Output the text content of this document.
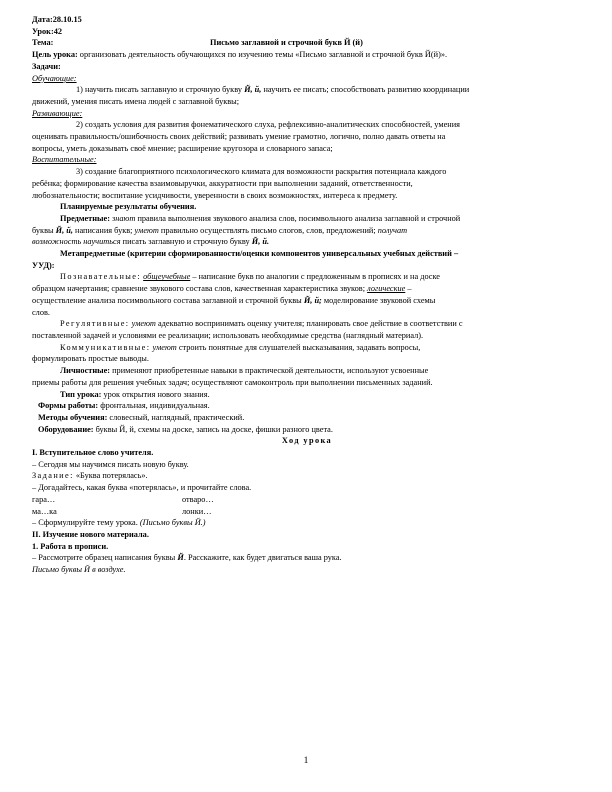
Дата:28.10.15
Урок:42
Тема:	Письмо заглавной и строчной букв Й (й)
Цель урока: организовать деятельность обучающихся по изучению темы «Письмо заглавной и строчной букв Й(й)».
Задачи:
Обучающие:
1) научить писать заглавную и строчную букву Й, й, научить ее писать; способствовать развитию координации
движений, умения писать имена людей с заглавной буквы;
Развивающие:
2) создать условия для развития фонематического слуха, рефлексивно-аналитических способностей, умения
оценивать правильность/ошибочность своих действий; развивать умение грамотно, логично, полно давать ответы на
вопросы, уметь доказывать своё мнение; расширение кругозора и словарного запаса;
Воспитательные:
3) создание благоприятного психологического климата для возможности раскрытия потенциала каждого
ребёнка; формирование качества взаимовыручки, аккуратности при выполнении заданий, ответственности,
любознательности; воспитание усидчивости, уверенности в своих возможностях, интереса к предмету.
Планируемые результаты обучения.
Предметные: знают правила выполнения звукового анализа слов, посимвольного анализа заглавной и строчной
буквы Й, й, написания букв; умеют правильно осуществлять письмо слогов, слов, предложений; получат
возможность научиться писать заглавную и строчную букву Й, й.
Метапредметные (критерии сформированности/оценки компонентов универсальных учебных действий –
УУД):
Познавательные: общеучебные – написание букв по аналогии с предложенным в прописях и на доске
образцом начертания; сравнение звукового состава слов, качественная характеристика звуков; логические –
осуществление анализа посимвольного состава заглавной и строчной буквы Й, й; моделирование звуковой схемы
слов.
Регулятивные: умеют адекватно воспринимать оценку учителя; планировать свое действие в соответствии с
поставленной задачей и условиями ее реализации; использовать необходимые средства (наглядный материал).
Коммуникативные: умеют строить понятные для слушателей высказывания, задавать вопросы,
формулировать простые выводы.
Личностные: применяют приобретенные навыки в практической деятельности, используют усвоенные
приемы работы для решения учебных задач; осуществляют самоконтроль при выполнении письменных заданий.
Тип урока: урок открытия нового знания.
Формы работы: фронтальная, индивидуальная.
Методы обучения: словесный, наглядный, практический.
Оборудование: буквы Й, й, схемы на доске, запись на доске, фишки разного цвета.
Ход урока
I. Вступительное слово учителя.
– Сегодня мы научимся писать новую букву.
Задание: «Буква потерялась».
– Догадайтесь, какая буква «потерялась», и прочитайте слова.
гара…	отваро…
ма…ка	лонки…
– Сформулируйте тему урока. (Письмо буквы Й.)
II. Изучение нового материала.
1. Работа в прописи.
– Рассмотрите образец написания буквы Й. Расскажите, как будет двигаться ваша рука.
Письмо буквы Й в воздухе.
1
